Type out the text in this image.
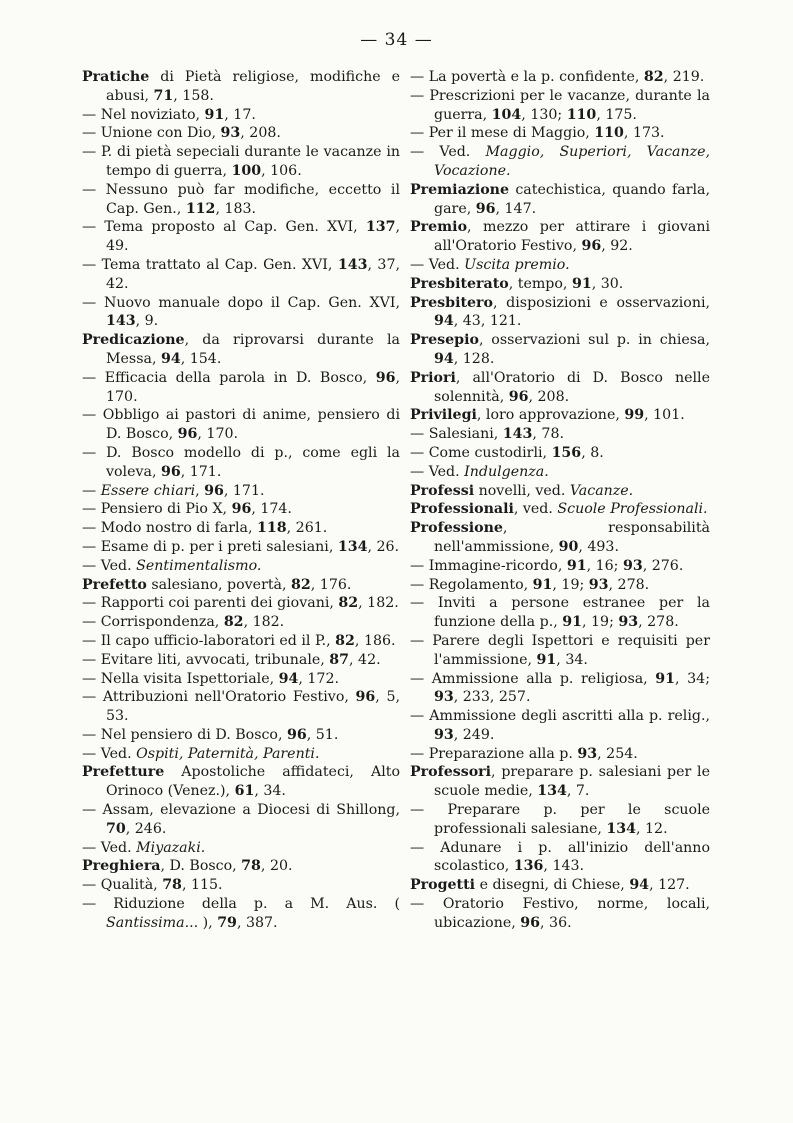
— 34 —
Pratiche di Pietà religiose, modifiche e abusi, 71, 158.
— Nel noviziato, 91, 17.
— Unione con Dio, 93, 208.
— P. di pietà sepeciali durante le vacanze in tempo di guerra, 100, 106.
— Nessuno può far modifiche, eccetto il Cap. Gen., 112, 183.
— Tema proposto al Cap. Gen. XVI, 137, 49.
— Tema trattato al Cap. Gen. XVI, 143, 37, 42.
— Nuovo manuale dopo il Cap. Gen. XVI, 143, 9.
Predicazione, da riprovarsi durante la Messa, 94, 154.
— Efficacia della parola in D. Bosco, 96, 170.
— Obbligo ai pastori di anime, pensiero di D. Bosco, 96, 170.
— D. Bosco modello di p., come egli la voleva, 96, 171.
— Essere chiari, 96, 171.
— Pensiero di Pio X, 96, 174.
— Modo nostro di farla, 118, 261.
— Esame di p. per i preti salesiani, 134, 26.
— Ved. Sentimentalismo.
Prefetto salesiano, povertà, 82, 176.
— Rapporti coi parenti dei giovani, 82, 182.
— Corrispondenza, 82, 182.
— Il capo ufficio-laboratori ed il P., 82, 186.
— Evitare liti, avvocati, tribunale, 87, 42.
— Nella visita Ispettoriale, 94, 172.
— Attribuzioni nell'Oratorio Festivo, 96, 5, 53.
— Nel pensiero di D. Bosco, 96, 51.
— Ved. Ospiti, Paternità, Parenti.
Prefetture Apostoliche affidateci, Alto Orinoco (Venez.), 61, 34.
— Assam, elevazione a Diocesi di Shillong, 70, 246.
— Ved. Miyazaki.
Preghiera, D. Bosco, 78, 20.
— Qualità, 78, 115.
— Riduzione della p. a M. Aus. ( Santissima... ), 79, 387.
— La povertà e la p. confidente, 82, 219.
— Prescrizioni per le vacanze, durante la guerra, 104, 130; 110, 175.
— Per il mese di Maggio, 110, 173.
— Ved. Maggio, Superiori, Vacanze, Vocazione.
Premiazione catechistica, quando farla, gare, 96, 147.
Premio, mezzo per attirare i giovani all'Oratorio Festivo, 96, 92.
— Ved. Uscita premio.
Presbiterato, tempo, 91, 30.
Presbitero, disposizioni e osservazioni, 94, 43, 121.
Presepio, osservazioni sul p. in chiesa, 94, 128.
Priori, all'Oratorio di D. Bosco nelle solennità, 96, 208.
Privilegi, loro approvazione, 99, 101.
— Salesiani, 143, 78.
— Come custodirli, 156, 8.
— Ved. Indulgenza.
Professi novelli, ved. Vacanze.
Professionali, ved. Scuole Professionali.
Professione, responsabilità nell'ammissione, 90, 493.
— Immagine-ricordo, 91, 16; 93, 276.
— Regolamento, 91, 19; 93, 278.
— Inviti a persone estranee per la funzione della p., 91, 19; 93, 278.
— Parere degli Ispettori e requisiti per l'ammissione, 91, 34.
— Ammissione alla p. religiosa, 91, 34; 93, 233, 257.
— Ammissione degli ascritti alla p. relig., 93, 249.
— Preparazione alla p. 93, 254.
Professori, preparare p. salesiani per le scuole medie, 134, 7.
— Preparare p. per le scuole professionali salesiane, 134, 12.
— Adunare i p. all'inizio dell'anno scolastico, 136, 143.
Progetti e disegni, di Chiese, 94, 127.
— Oratorio Festivo, norme, locali, ubicazione, 96, 36.
